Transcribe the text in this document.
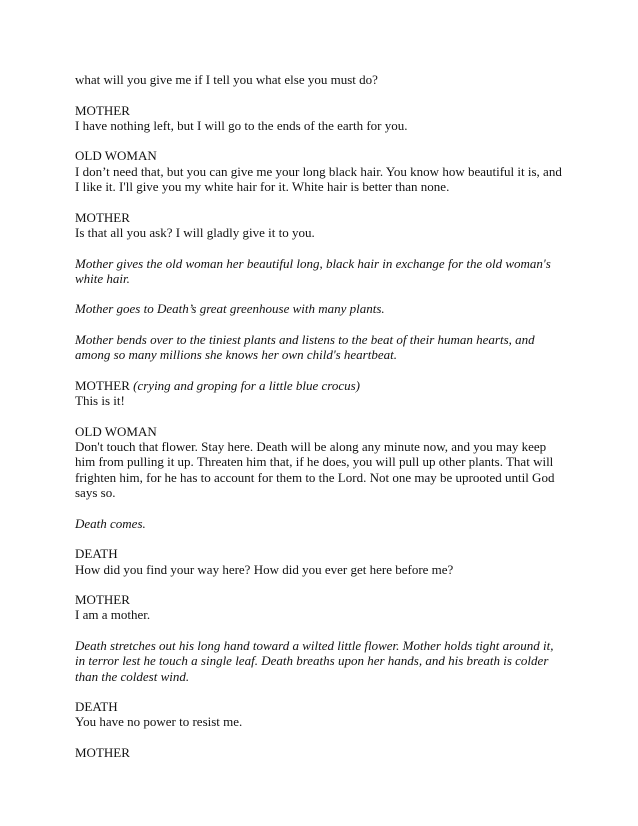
what will you give me if I tell you what else you must do?
MOTHER
I have nothing left, but I will go to the ends of the earth for you.
OLD WOMAN
I don’t need that, but you can give me your long black hair. You know how beautiful it is, and I like it. I'll give you my white hair for it. White hair is better than none.
MOTHER
Is that all you ask? I will gladly give it to you.
Mother gives the old woman her beautiful long, black hair in exchange for the old woman's white hair.
Mother goes to Death’s great greenhouse with many plants.
Mother bends over to the tiniest plants and listens to the beat of their human hearts, and among so many millions she knows her own child's heartbeat.
MOTHER (crying and groping for a little blue crocus)
This is it!
OLD WOMAN
Don't touch that flower. Stay here. Death will be along any minute now, and you may keep him from pulling it up. Threaten him that, if he does, you will pull up other plants. That will frighten him, for he has to account for them to the Lord. Not one may be uprooted until God says so.
Death comes.
DEATH
How did you find your way here? How did you ever get here before me?
MOTHER
I am a mother.
Death stretches out his long hand toward a wilted little flower. Mother holds tight around it, in terror lest he touch a single leaf. Death breaths upon her hands, and his breath is colder than the coldest wind.
DEATH
You have no power to resist me.
MOTHER
